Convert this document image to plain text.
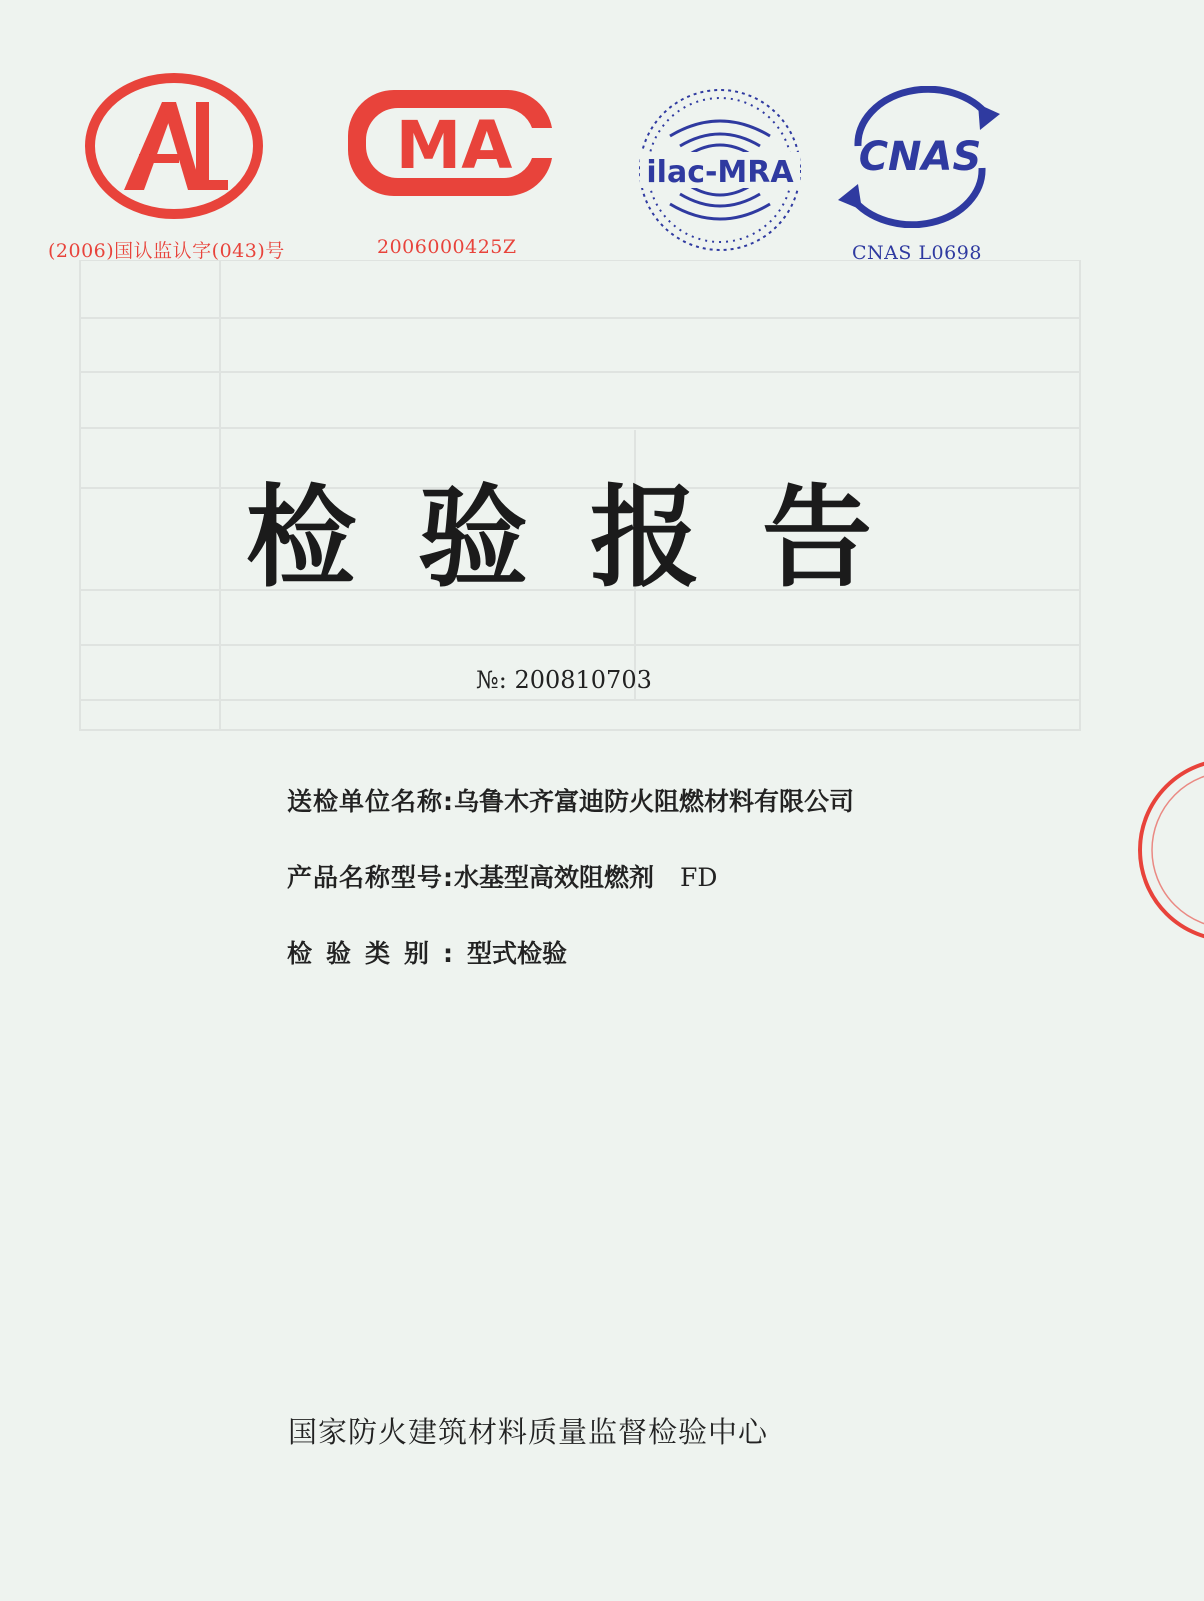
(2006)国认监认字(043)号
MA
2006000425Z
ilac-MRA CNAS
CNAS L0698
检验报告
№: 200810703
送检单位名称:乌鲁木齐富迪防火阻燃材料有限公司
产品名称型号:水基型高效阻燃剂 FD
检验类别:型式检验
国家防火建筑材料质量监督检验中心
